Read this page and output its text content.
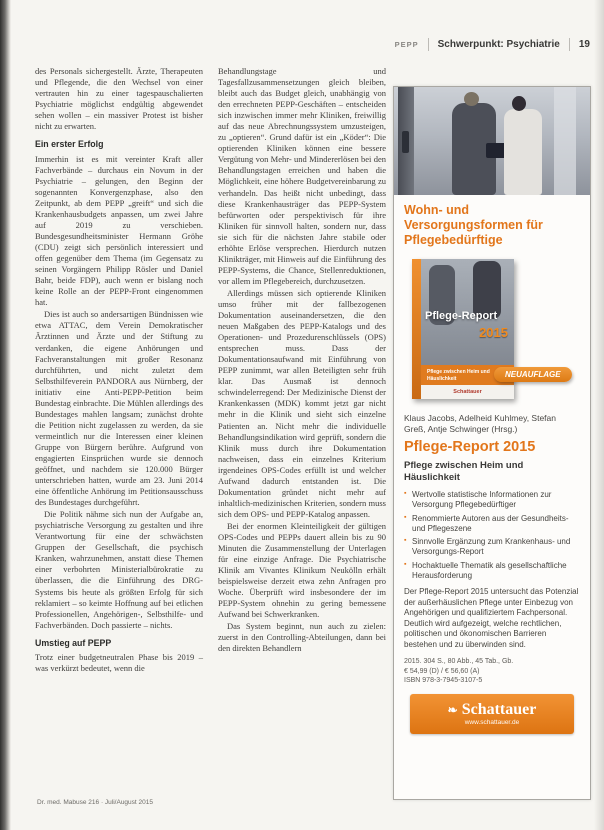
PEPP Schwerpunkt: Psychiatrie 19

des Personals sichergestellt. Ärzte, Therapeuten und Pflegende, die den Wechsel von einer vertrauten hin zu einer tagespauschalierten Psychiatrie möglichst endgültig abgewendet sehen wollen – ein massiver Protest ist bisher nicht zu erwarten.

Ein erster Erfolg

Immerhin ist es mit vereinter Kraft aller Fachverbände – durchaus ein Novum in der Psychiatrie – gelungen, den Beginn der sogenannten Konvergenzphase, also den Zeitpunkt, ab dem PEPP „greift“ und sich die Krankenhausbudgets anpassen, um zwei Jahre auf 2019 zu verschieben. Bundesgesundheitsminister Hermann Gröhe (CDU) zeigt sich persönlich interessiert und offen gegenüber dem Thema (im Gegensatz zu seinen Vorgängern Philipp Rösler und Daniel Bahr, beide FDP), auch wenn er bislang noch keine Rolle an der PEPP-Front eingenommen hat.

Dies ist auch so andersartigen Bündnissen wie etwa ATTAC, dem Verein Demokratischer Ärztinnen und Ärzte und der Stiftung zu verdanken, die eigene Anhörungen und Fachveranstaltungen mit großer Resonanz durchführten, und nicht zuletzt dem Selbsthilfeverein PANDORA aus Nürnberg, der initiativ eine Anti-PEPP-Petition beim Bundestag einbrachte. Die Mühlen allerdings des Bundestages mahlen langsam; zunächst drohte die Petition nicht zugelassen zu werden, da sie vermeintlich nur die Interessen einer kleinen Gruppe von Bürgern berühre. Aufgrund von engagierten Einsprüchen wurde sie dennoch geöffnet, und nachdem sie 120.000 Bürger unterschrieben hatten, wurde am 23. Juni 2014 eine öffentliche Anhörung im Petitionsausschuss des Bundestages durchgeführt.

Die Politik nähme sich nun der Aufgabe an, psychiatrische Versorgung zu gestalten und ihre Verantwortung für eine der schwächsten Gruppen der Gesellschaft, die psychisch Kranken, wahrzunehmen, anstatt diese Themen einer verbohrten Ministerialbürokratie zu überlassen, die die Einführung des DRG-Systems bis heute als größten Erfolg für sich reklamiert – so keimte Hoffnung auf bei etlichen Professionellen, Angehörigen-, Selbsthilfe- und Fachverbänden. Doch passierte – nichts.

Umstieg auf PEPP

Trotz einer budgetneutralen Phase bis 2019 – was verkürzt bedeutet, wenn die

Behandlungstage und Tagesfallzusammensetzungen gleich bleiben, bleibt auch das Budget gleich, unabhängig von den errechneten PEPP-Geschäften – entscheiden sich inzwischen immer mehr Kliniken, freiwillig auf das neue Abrechnungssystem umzusteigen, zu „optieren“. Grund dafür ist ein „Köder“: Die optierenden Kliniken können eine bessere Vergütung von Mehr- und Mindererlösen bei den Behandlungstagen erreichen und haben die Möglichkeit, eine höhere Budgetvereinbarung zu verhandeln. Das heißt nicht unbedingt, dass diese Krankenhausträger das PEPP-System befürworten oder perspektivisch für ihre Kliniken für sinnvoll halten, sondern nur, dass sie sich für die nächsten Jahre stabile oder erhöhte Erlöse versprechen. Hierdurch nutzen Klinikträger, mit Hinweis auf die Einführung des PEPP-Systems, die Chance, Stellenreduktionen, vor allem im Pflegebereich, durchzusetzen.

Allerdings müssen sich optierende Kliniken umso früher mit der fallbezogenen Dokumentation auseinandersetzen, die den neuen Maßgaben des PEPP-Katalogs und des Operationen- und Prozedurenschlüssels (OPS) entsprechen muss. Dass der Dokumentationsaufwand mit Einführung von PEPP zunimmt, war allen Beteiligten sehr früh klar. Das Ausmaß ist dennoch schwindelerregend: Der Medizinische Dienst der Krankenkassen (MDK) kommt jetzt gar nicht mehr in die Klinik und sieht sich einzelne Patienten an. Nicht mehr die individuelle Behandlungsindikation wird geprüft, sondern die Klinik muss durch ihre Dokumentation nachweisen, dass ein einzelnes Kriterium irgendeines OPS-Codes erfüllt ist und welcher Aufwand dadurch entstanden ist. Die Dokumentation gründet nicht mehr auf inhaltlich-medizinischen Kriterien, sondern muss sich dem OPS- und PEPP-Katalog anpassen.

Bei der enormen Kleinteiligkeit der gültigen OPS-Codes und PEPPs dauert allein bis zu 90 Minuten die Zusammenstellung der Unterlagen für eine einzige Anfrage. Die Psychiatrische Klinik am Vivantes Klinikum Neukölln erhält beispielsweise derzeit etwa zehn Anfragen pro Woche. Überprüft wird insbesondere der im PEPP-System ohnehin zu gering bemessene Aufwand bei Schwerkranken.

Das System beginnt, nun auch zu zielen: zuerst in den Controlling-Abteilungen, dann bei den direkten Behandlern

Dr. med. Mabuse 216 · Juli/August 2015
Wohn- und Versorgungsformen für Pflegebedürftige
Pflege-Report
2015
Pflege zwischen Heim und Häuslichkeit
Schattauer
NEUAUFLAGE
Klaus Jacobs, Adelheid Kuhlmey, Stefan Greß, Antje Schwinger (Hrsg.)
Pflege-Report 2015
Pflege zwischen Heim und Häuslichkeit
▪ Wertvolle statistische Informationen zur Versorgung Pflegebedürftiger
▪ Renommierte Autoren aus der Gesundheits- und Pflegeszene
▪ Sinnvolle Ergänzung zum Krankenhaus- und Versorgungs-Report
▪ Hochaktuelle Thematik als gesellschaftliche Herausforderung

Der Pflege-Report 2015 untersucht das Potenzial der außerhäuslichen Pflege unter Einbezug von Angehörigen und qualifiziertem Fachpersonal. Deutlich wird aufgezeigt, welche rechtlichen, politischen und ökonomischen Barrieren bestehen und zu überwinden sind.

2015. 304 S., 80 Abb., 45 Tab., Gb.
€ 54,99 (D) / € 56,60 (A)
ISBN 978-3-7945-3107-5
❧ Schattauer
www.schattauer.de
